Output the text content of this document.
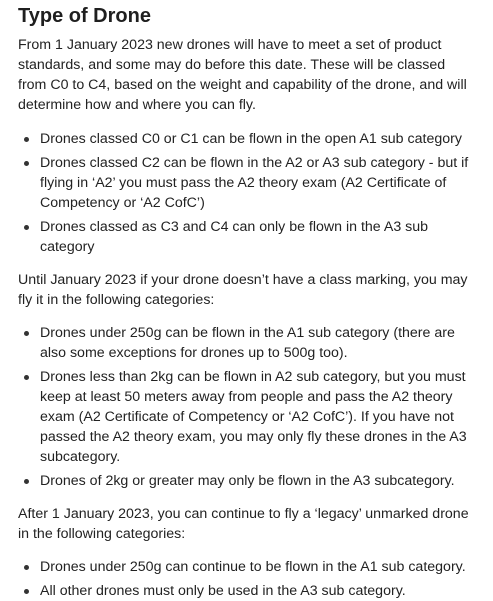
Type of Drone

From 1 January 2023 new drones will have to meet a set of product standards, and some may do before this date. These will be classed from C0 to C4, based on the weight and capability of the drone, and will determine how and where you can fly.

Drones classed C0 or C1 can be flown in the open A1 sub category
Drones classed C2 can be flown in the A2 or A3 sub category - but if flying in ‘A2’ you must pass the A2 theory exam (A2 Certificate of Competency or ‘A2 CofC’)
Drones classed as C3 and C4 can only be flown in the A3 sub category

Until January 2023 if your drone doesn’t have a class marking, you may fly it in the following categories:

Drones under 250g can be flown in the A1 sub category (there are also some exceptions for drones up to 500g too).
Drones less than 2kg can be flown in A2 sub category, but you must keep at least 50 meters away from people and pass the A2 theory exam (A2 Certificate of Competency or ‘A2 CofC’). If you have not passed the A2 theory exam, you may only fly these drones in the A3 subcategory.
Drones of 2kg or greater may only be flown in the A3 subcategory.

After 1 January 2023, you can continue to fly a ‘legacy’ unmarked drone in the following categories:

Drones under 250g can continue to be flown in the A1 sub category.
All other drones must only be used in the A3 sub category.
